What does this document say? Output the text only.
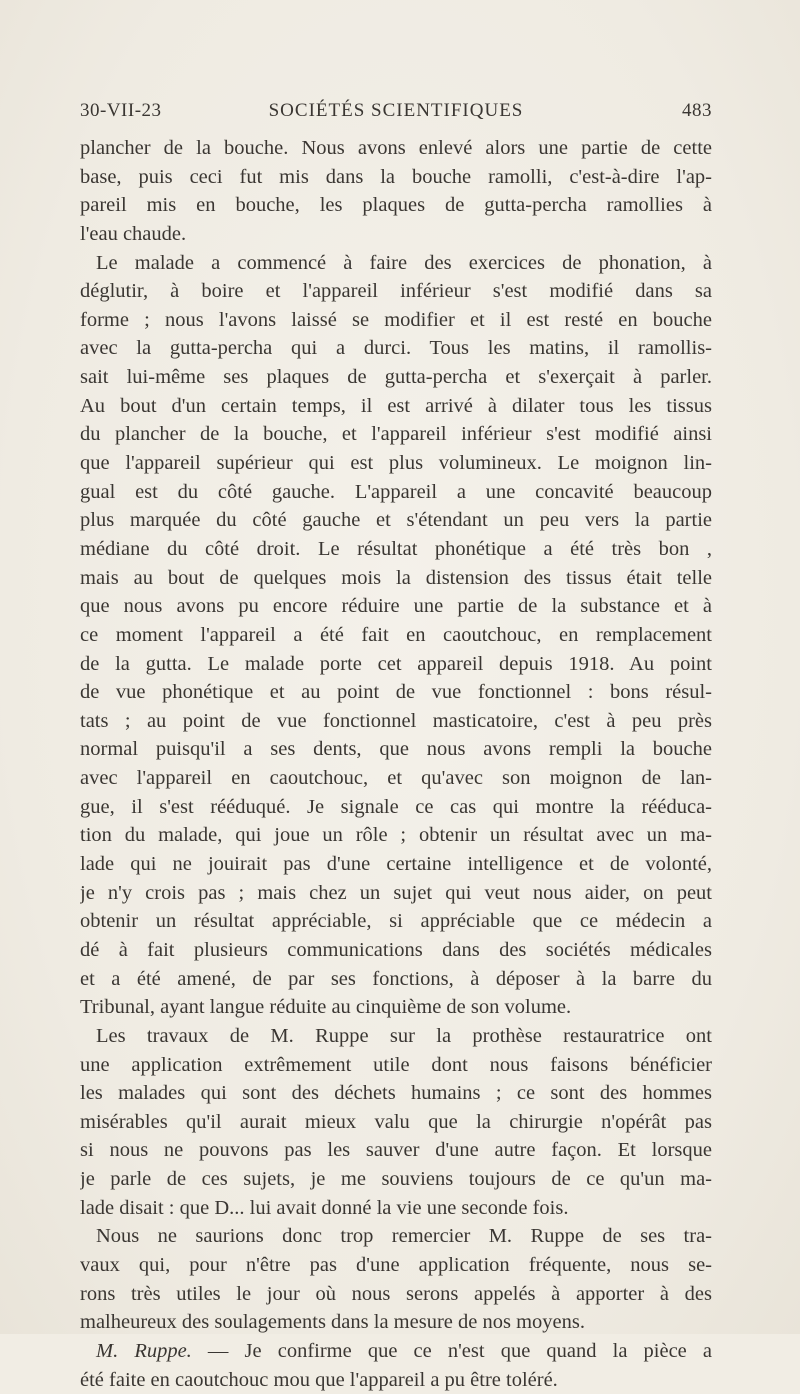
30-VII-23	SOCIÉTÉS SCIENTIFIQUES	483
plancher de la bouche. Nous avons enlevé alors une partie de cette
base, puis ceci fut mis dans la bouche ramolli, c'est-à-dire l'ap-
pareil mis en bouche, les plaques de gutta-percha ramollies à
l'eau chaude.
Le malade a commencé à faire des exercices de phonation, à
déglutir, à boire et l'appareil inférieur s'est modifié dans sa
forme ; nous l'avons laissé se modifier et il est resté en bouche
avec la gutta-percha qui a durci. Tous les matins, il ramollis-
sait lui-même ses plaques de gutta-percha et s'exerçait à parler.
Au bout d'un certain temps, il est arrivé à dilater tous les tissus
du plancher de la bouche, et l'appareil inférieur s'est modifié ainsi
que l'appareil supérieur qui est plus volumineux. Le moignon lin-
gual est du côté gauche. L'appareil a une concavité beaucoup
plus marquée du côté gauche et s'étendant un peu vers la partie
médiane du côté droit. Le résultat phonétique a été très bon ,
mais au bout de quelques mois la distension des tissus était telle
que nous avons pu encore réduire une partie de la substance et à
ce moment l'appareil a été fait en caoutchouc, en remplacement
de la gutta. Le malade porte cet appareil depuis 1918. Au point
de vue phonétique et au point de vue fonctionnel : bons résul-
tats ; au point de vue fonctionnel masticatoire, c'est à peu près
normal puisqu'il a ses dents, que nous avons rempli la bouche
avec l'appareil en caoutchouc, et qu'avec son moignon de lan-
gue, il s'est rééduqué. Je signale ce cas qui montre la rééduca-
tion du malade, qui joue un rôle ; obtenir un résultat avec un ma-
lade qui ne jouirait pas d'une certaine intelligence et de volonté,
je n'y crois pas ; mais chez un sujet qui veut nous aider, on peut
obtenir un résultat appréciable, si appréciable que ce médecin a
dé à fait plusieurs communications dans des sociétés médicales
et a été amené, de par ses fonctions, à déposer à la barre du
Tribunal, ayant langue réduite au cinquième de son volume.
Les travaux de M. Ruppe sur la prothèse restauratrice ont
une application extrêmement utile dont nous faisons bénéficier
les malades qui sont des déchets humains ; ce sont des hommes
misérables qu'il aurait mieux valu que la chirurgie n'opérât pas
si nous ne pouvons pas les sauver d'une autre façon. Et lorsque
je parle de ces sujets, je me souviens toujours de ce qu'un ma-
lade disait : que D... lui avait donné la vie une seconde fois.
Nous ne saurions donc trop remercier M. Ruppe de ses tra-
vaux qui, pour n'être pas d'une application fréquente, nous se-
rons très utiles le jour où nous serons appelés à apporter à des
malheureux des soulagements dans la mesure de nos moyens.
M. Ruppe. — Je confirme que ce n'est que quand la pièce a
été faite en caoutchouc mou que l'appareil a pu être toléré.
